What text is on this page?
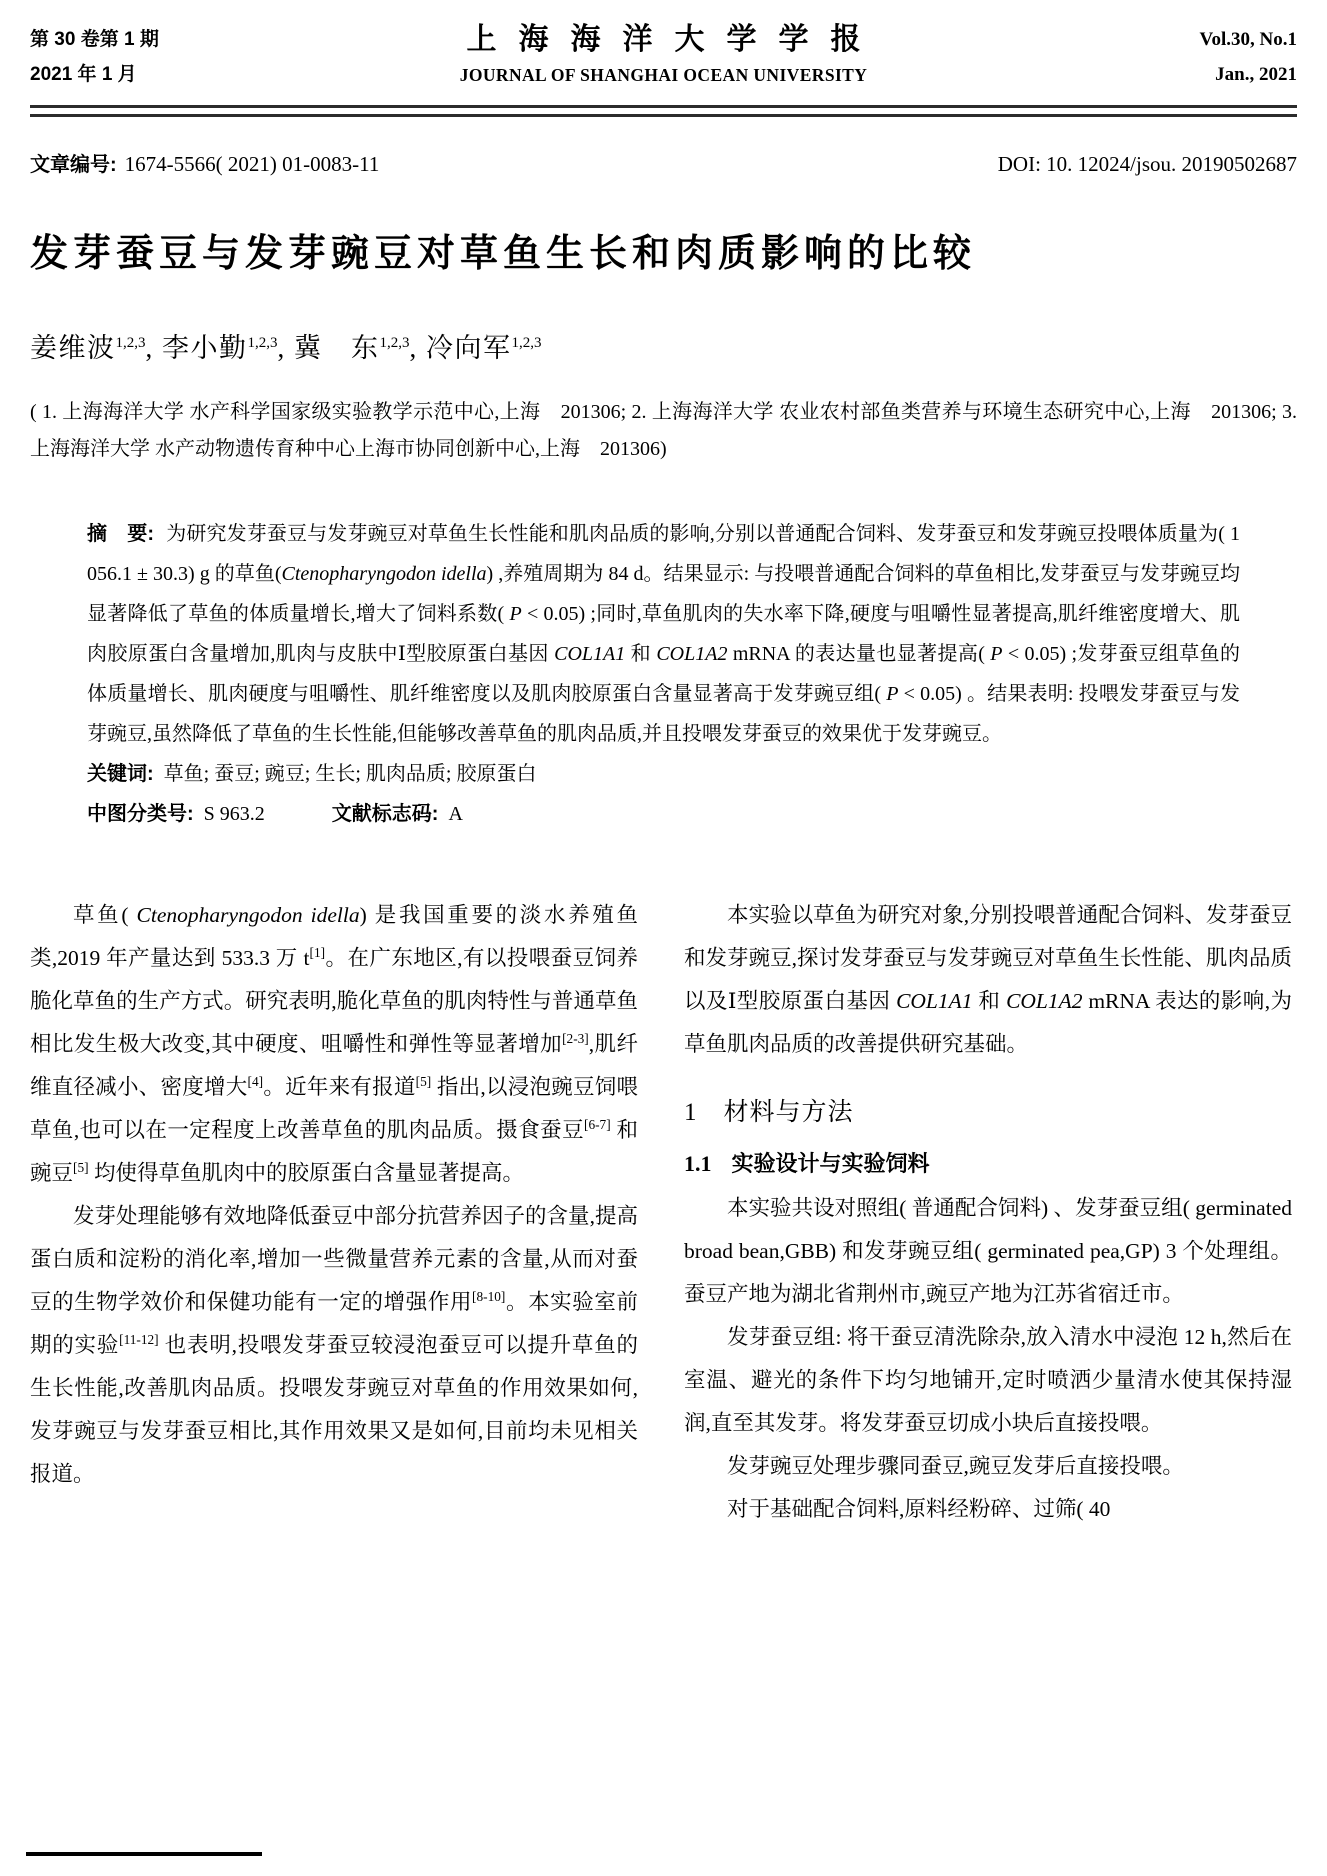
第 30 卷第 1 期
2021 年 1 月
上海海洋大学学报
JOURNAL OF SHANGHAI OCEAN UNIVERSITY
Vol.30, No.1
Jan., 2021
文章编号: 1674-5566( 2021) 01-0083-11	DOI: 10. 12024/jsou. 20190502687
发芽蚕豆与发芽豌豆对草鱼生长和肉质影响的比较
姜维波$^{1,2,3}$, 李小勤$^{1,2,3}$, 冀　东$^{1,2,3}$, 冷向军$^{1,2,3}$
( 1. 上海海洋大学 水产科学国家级实验教学示范中心,上海　201306; 2. 上海海洋大学 农业农村部鱼类营养与环境生态研究中心,上海　201306; 3. 上海海洋大学 水产动物遗传育种中心上海市协同创新中心,上海　201306)
摘　要: 为研究发芽蚕豆与发芽豌豆对草鱼生长性能和肌肉品质的影响,分别以普通配合饲料、发芽蚕豆和发芽豌豆投喂体质量为( 1 056.1 ± 30.3) g 的草鱼(Ctenopharyngodon idella) ,养殖周期为 84 d。结果显示: 与投喂普通配合饲料的草鱼相比,发芽蚕豆与发芽豌豆均显著降低了草鱼的体质量增长,增大了饲料系数( P < 0.05) ;同时,草鱼肌肉的失水率下降,硬度与咀嚼性显著提高,肌纤维密度增大、肌肉胶原蛋白含量增加,肌肉与皮肤中Ⅰ型胶原蛋白基因 COL1A1 和 COL1A2 mRNA 的表达量也显著提高( P < 0.05) ;发芽蚕豆组草鱼的体质量增长、肌肉硬度与咀嚼性、肌纤维密度以及肌肉胶原蛋白含量显著高于发芽豌豆组( P < 0.05) 。结果表明: 投喂发芽蚕豆与发芽豌豆,虽然降低了草鱼的生长性能,但能够改善草鱼的肌肉品质,并且投喂发芽蚕豆的效果优于发芽豌豆。
关键词: 草鱼; 蚕豆; 豌豆; 生长; 肌肉品质; 胶原蛋白
中图分类号: S 963.2	文献标志码: A

草鱼( Ctenopharyngodon idella) 是我国重要的淡水养殖鱼类,2019 年产量达到 533.3 万 t[1]。在广东地区,有以投喂蚕豆饲养脆化草鱼的生产方式。研究表明,脆化草鱼的肌肉特性与普通草鱼相比发生极大改变,其中硬度、咀嚼性和弹性等显著增加[2-3],肌纤维直径减小、密度增大[4]。近年来有报道[5] 指出,以浸泡豌豆饲喂草鱼,也可以在一定程度上改善草鱼的肌肉品质。摄食蚕豆[6-7] 和豌豆[5] 均使得草鱼肌肉中的胶原蛋白含量显著提高。

发芽处理能够有效地降低蚕豆中部分抗营养因子的含量,提高蛋白质和淀粉的消化率,增加一些微量营养元素的含量,从而对蚕豆的生物学效价和保健功能有一定的增强作用[8-10]。本实验室前期的实验[11-12] 也表明,投喂发芽蚕豆较浸泡蚕豆可以提升草鱼的生长性能,改善肌肉品质。投喂发芽豌豆对草鱼的作用效果如何,发芽豌豆与发芽蚕豆相比,其作用效果又是如何,目前均未见相关报道。

本实验以草鱼为研究对象,分别投喂普通配合饲料、发芽蚕豆和发芽豌豆,探讨发芽蚕豆与发芽豌豆对草鱼生长性能、肌肉品质以及Ⅰ型胶原蛋白基因 COL1A1 和 COL1A2 mRNA 表达的影响,为草鱼肌肉品质的改善提供研究基础。

1 材料与方法
1.1 实验设计与实验饲料

本实验共设对照组( 普通配合饲料) 、发芽蚕豆组( germinated broad bean,GBB) 和发芽豌豆组( germinated pea,GP) 3 个处理组。蚕豆产地为湖北省荆州市,豌豆产地为江苏省宿迁市。

发芽蚕豆组: 将干蚕豆清洗除杂,放入清水中浸泡 12 h,然后在室温、避光的条件下均匀地铺开,定时喷洒少量清水使其保持湿润,直至其发芽。将发芽蚕豆切成小块后直接投喂。

发芽豌豆处理步骤同蚕豆,豌豆发芽后直接投喂。

对于基础配合饲料,原料经粉碎、过筛( 40
